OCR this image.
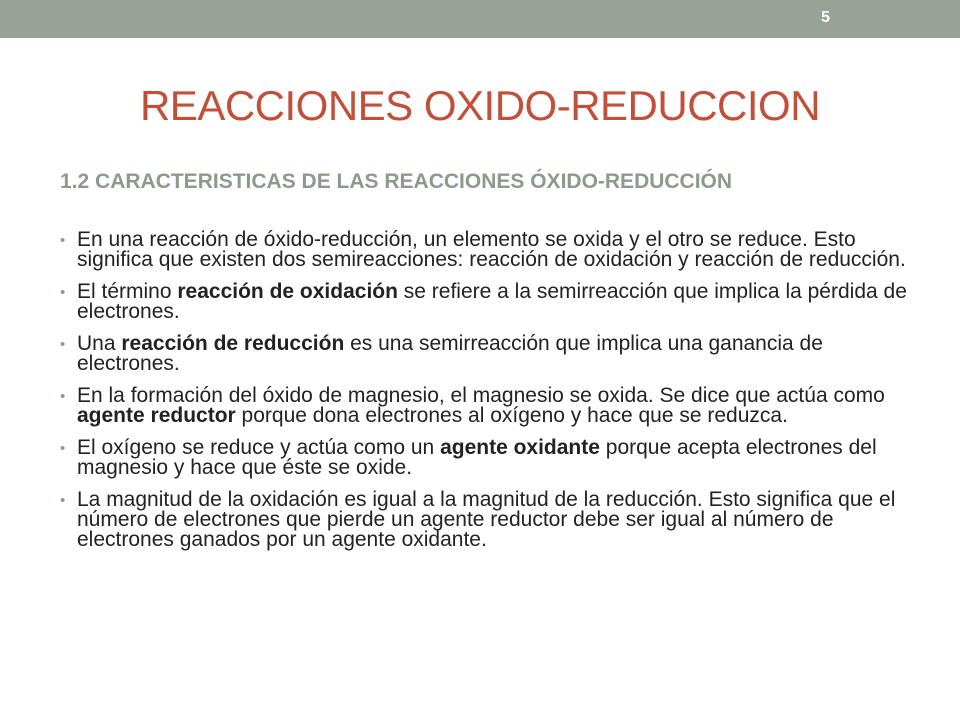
5
REACCIONES OXIDO-REDUCCION
1.2 CARACTERISTICAS DE LAS REACCIONES ÓXIDO-REDUCCIÓN
• En una reacción de óxido-reducción, un elemento se oxida y el otro se reduce. Esto significa que existen dos semireacciones: reacción de oxidación y reacción de reducción.
• El término reacción de oxidación se refiere a la semirreacción que implica la pérdida de electrones.
• Una reacción de reducción es una semirreacción que implica una ganancia de electrones.
• En la formación del óxido de magnesio, el magnesio se oxida. Se dice que actúa como agente reductor porque dona electrones al oxígeno y hace que se reduzca.
• El oxígeno se reduce y actúa como un agente oxidante porque acepta electrones del magnesio y hace que éste se oxide.
• La magnitud de la oxidación es igual a la magnitud de la reducción. Esto significa que el número de electrones que pierde un agente reductor debe ser igual al número de electrones ganados por un agente oxidante.
